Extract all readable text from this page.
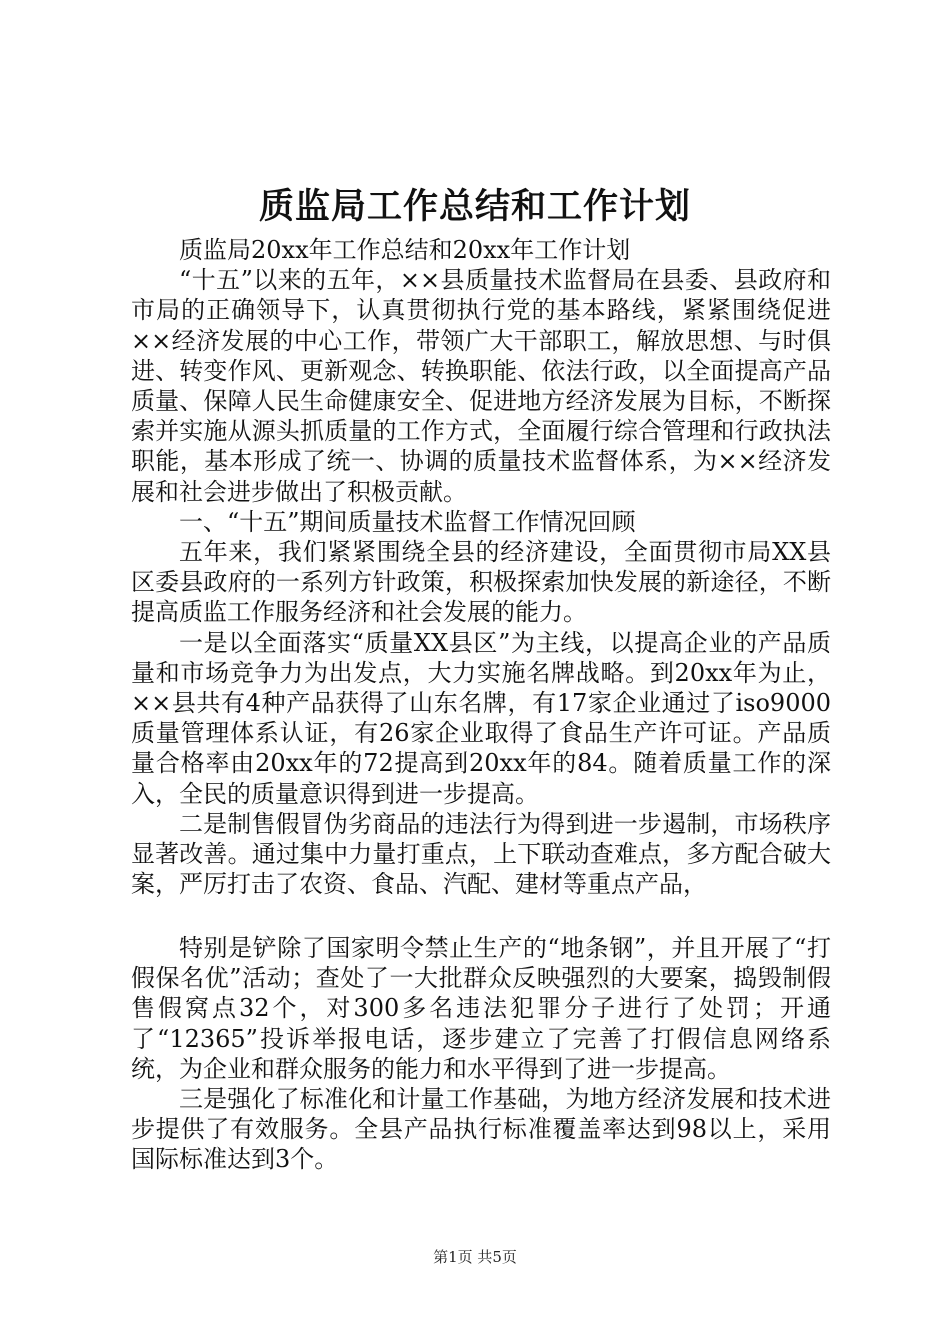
质监局工作总结和工作计划

质监局20xx年工作总结和20xx年工作计划

“十五”以来的五年，××县质量技术监督局在县委、县政府和市局的正确领导下，认真贯彻执行党的基本路线，紧紧围绕促进××经济发展的中心工作，带领广大干部职工，解放思想、与时俱进、转变作风、更新观念、转换职能、依法行政，以全面提高产品质量、保障人民生命健康安全、促进地方经济发展为目标，不断探索并实施从源头抓质量的工作方式，全面履行综合管理和行政执法职能，基本形成了统一、协调的质量技术监督体系，为××经济发展和社会进步做出了积极贡献。

一、“十五”期间质量技术监督工作情况回顾

五年来，我们紧紧围绕全县的经济建设，全面贯彻市局XX县区委县政府的一系列方针政策，积极探索加快发展的新途径，不断提高质监工作服务经济和社会发展的能力。

一是以全面落实“质量XX县区”为主线，以提高企业的产品质量和市场竞争力为出发点，大力实施名牌战略。到20xx年为止，××县共有4种产品获得了山东名牌，有17家企业通过了iso9000质量管理体系认证，有26家企业取得了食品生产许可证。产品质量合格率由20xx年的72提高到20xx年的84。随着质量工作的深入，全民的质量意识得到进一步提高。

二是制售假冒伪劣商品的违法行为得到进一步遏制，市场秩序显著改善。通过集中力量打重点，上下联动查难点，多方配合破大案，严厉打击了农资、食品、汽配、建材等重点产品，

特别是铲除了国家明令禁止生产的“地条钢”，并且开展了“打假保名优”活动；查处了一大批群众反映强烈的大要案，捣毁制假售假窝点32个，对300多名违法犯罪分子进行了处罚；开通了“12365”投诉举报电话，逐步建立了完善了打假信息网络系统，为企业和群众服务的能力和水平得到了进一步提高。

三是强化了标准化和计量工作基础，为地方经济发展和技术进步提供了有效服务。全县产品执行标准覆盖率达到98以上，采用国际标准达到3个。

第1页 共5页
